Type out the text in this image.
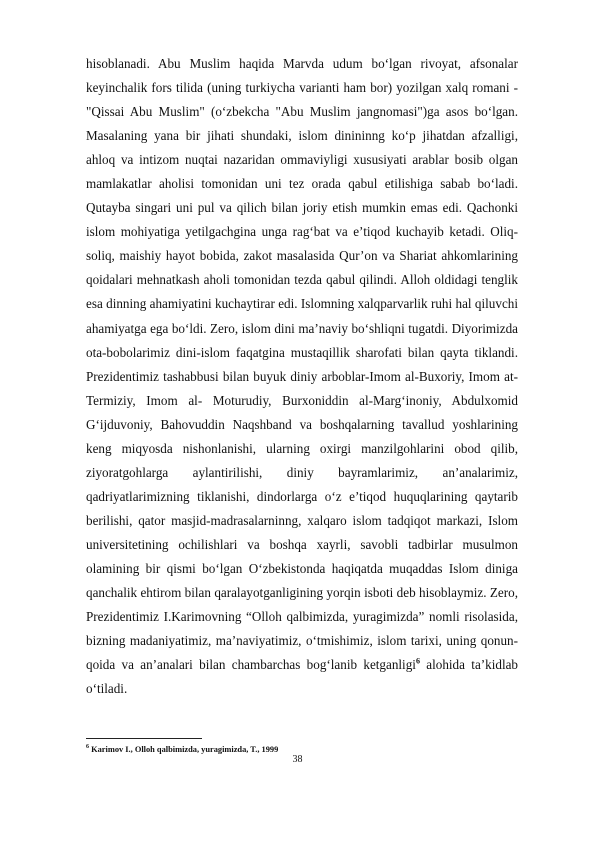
hisoblanadi. Abu Muslim haqida Marvda udum bo‘lgan rivoyat, afsonalar keyinchalik fors tilida (uning turkiycha varianti ham bor) yozilgan xalq romani - "Qissai Abu Muslim" (o‘zbekcha "Abu Muslim jangnomasi")ga asos bo‘lgan. Masalaning yana bir jihati shundaki, islom dinininng ko‘p jihatdan afzalligi, ahloq va intizom nuqtai nazaridan ommaviyligi xususiyati arablar bosib olgan mamlakatlar aholisi tomonidan uni tez orada qabul etilishiga sabab bo‘ladi. Qutayba singari uni pul va qilich bilan joriy etish mumkin emas edi. Qachonki islom mohiyatiga yetilgachgina unga rag‘bat va e’tiqod kuchayib ketadi. Oliq-soliq, maishiy hayot bobida, zakot masalasida Qur’on va Shariat ahkomlarining qoidalari mehnatkash aholi tomonidan tezda qabul qilindi. Alloh oldidagi tenglik esa dinning ahamiyatini kuchaytirar edi. Islomning xalqparvarlik ruhi hal qiluvchi ahamiyatga ega bo‘ldi. Zero, islom dini ma’naviy bo‘shliqni tugatdi. Diyorimizda ota-bobolarimiz dini-islom faqatgina mustaqillik sharofati bilan qayta tiklandi. Prezidentimiz tashabbusi bilan buyuk diniy arboblar-Imom al-Buxoriy, Imom at-Termiziy, Imom al- Moturudiy, Burxoniddin al-Marg‘inoniy, Abdulxomid G‘ijduvoniy, Bahovuddin Naqshband va boshqalarning tavallud yoshlarining keng miqyosda nishonlanishi, ularning oxirgi manzilgohlarini obod qilib, ziyoratgohlarga aylantirilishi, diniy bayramlarimiz, an’analarimiz, qadriyatlarimizning tiklanishi, dindorlarga o‘z e’tiqod huquqlarining qaytarib berilishi, qator masjid-madrasalarninng, xalqaro islom tadqiqot markazi, Islom universitetining ochilishlari va boshqa xayrli, savobli tadbirlar musulmon olamining bir qismi bo‘lgan O‘zbekistonda haqiqatda muqaddas Islom diniga qanchalik ehtirom bilan qaralayotganligining yorqin isboti deb hisoblaymiz. Zero, Prezidentimiz I.Karimovning “Olloh qalbimizda, yuragimizda” nomli risolasida, bizning madaniyatimiz, ma’naviyatimiz, o‘tmishimiz, islom tarixi, uning qonun-qoida va an’analari bilan chambarchas bog‘lanib ketganligi$^6$ alohida ta’kidlab o‘tiladi.

$^6$ Karimov I., Olloh qalbimizda, yuragimizda, T., 1999
38
